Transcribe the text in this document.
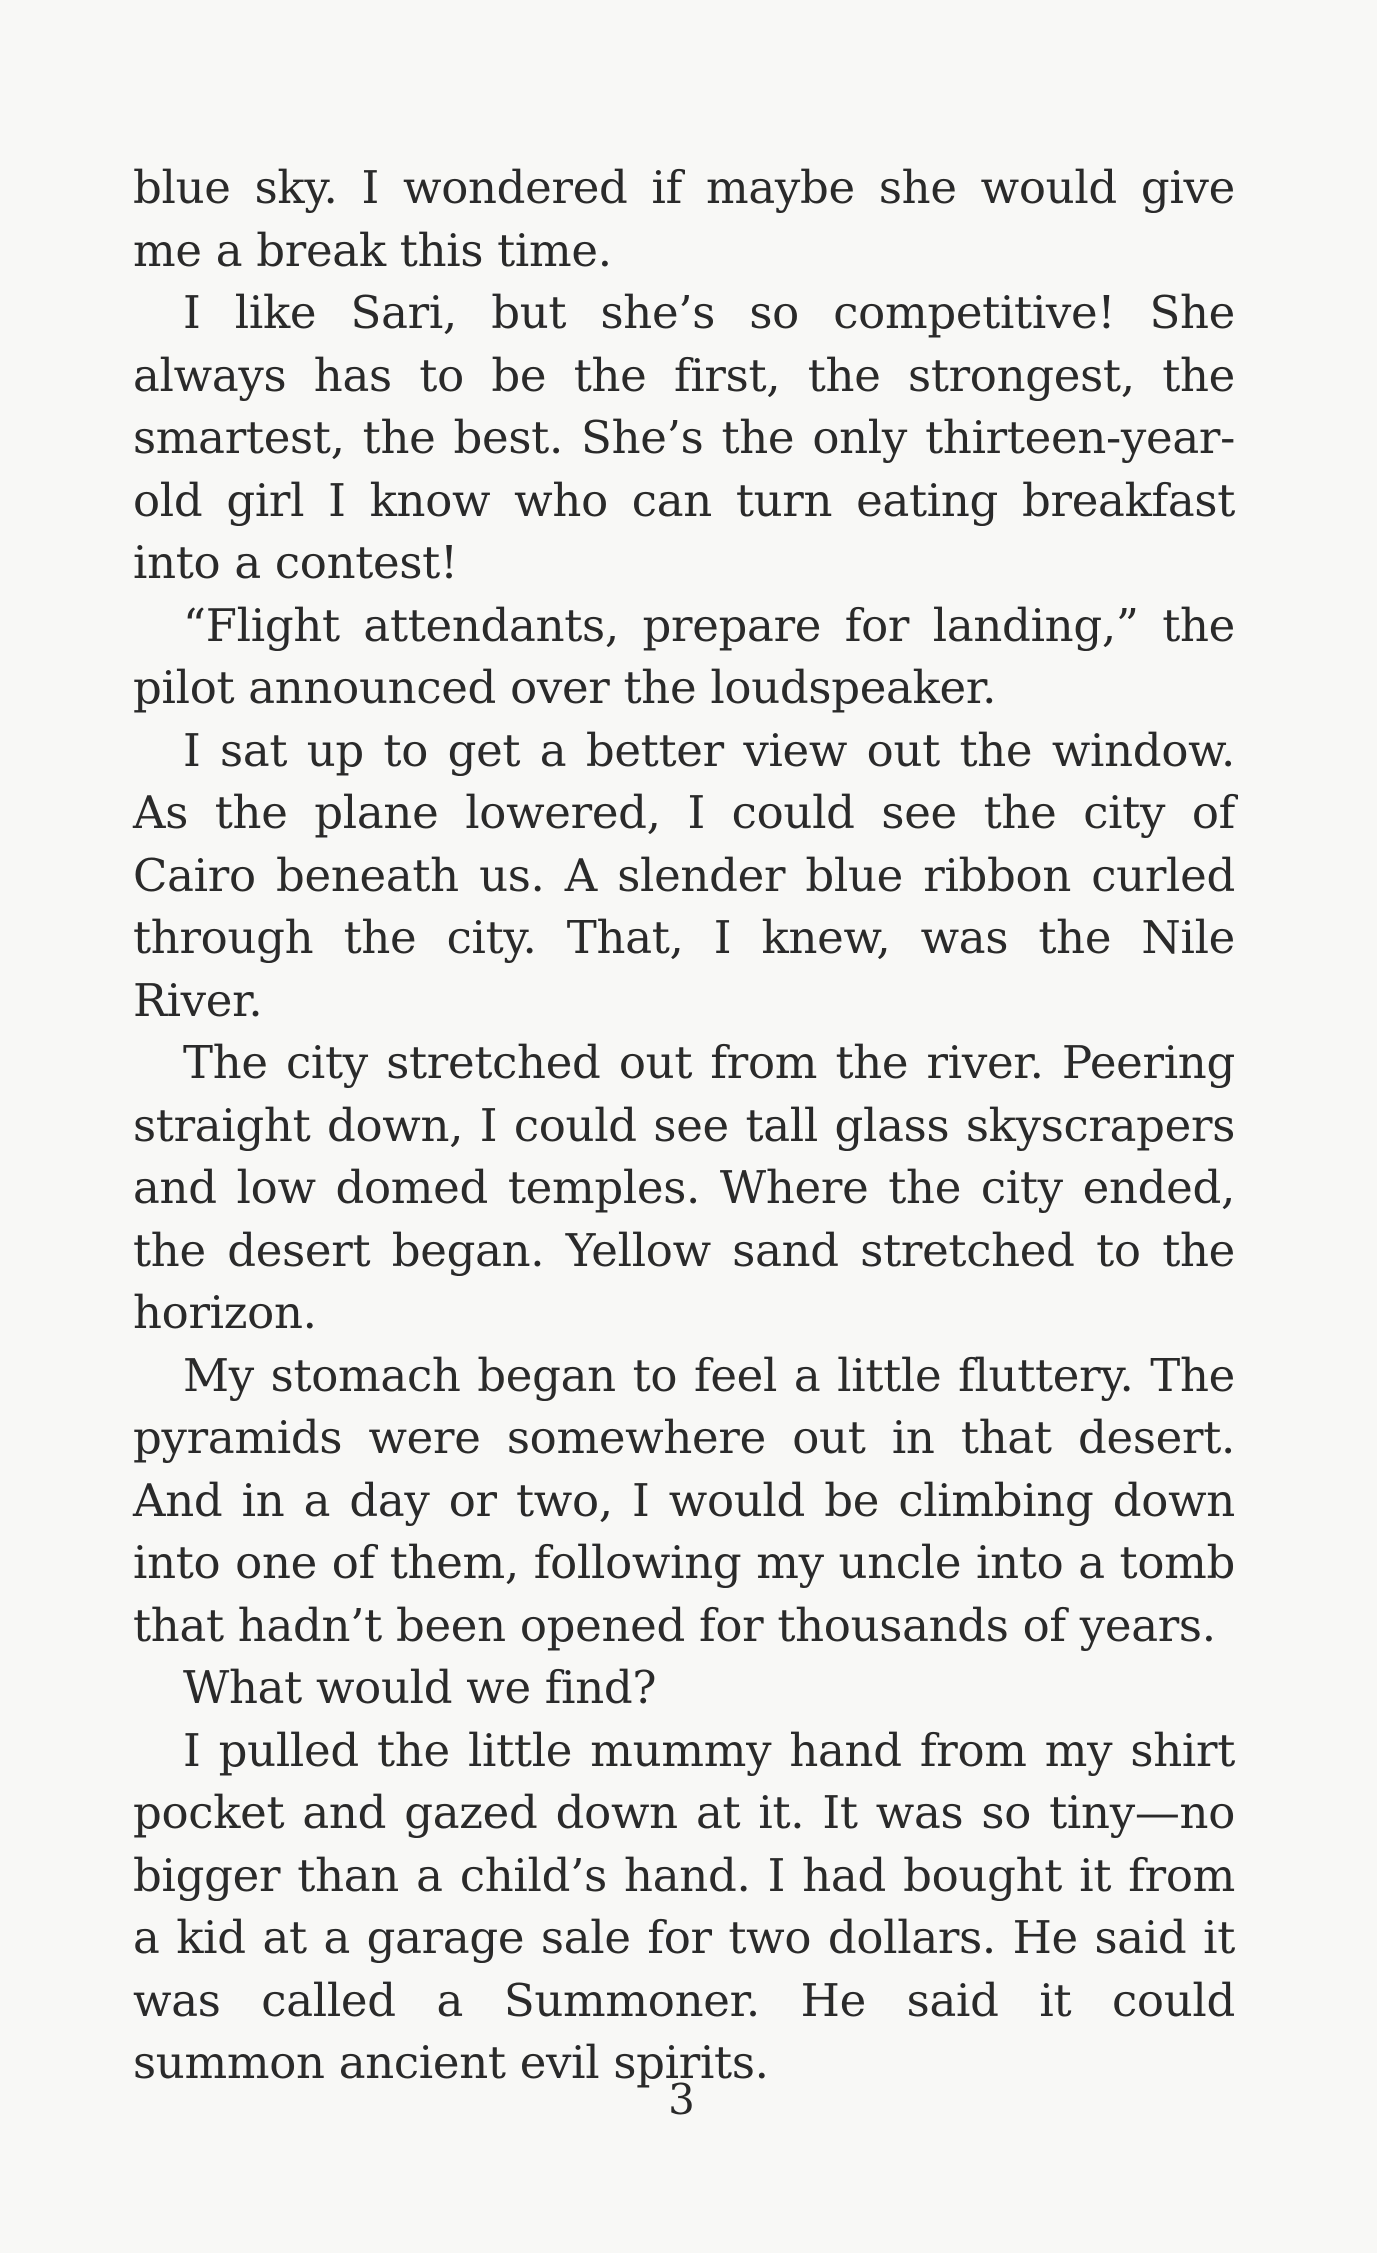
blue sky. I wondered if maybe she would give me a break this time.

I like Sari, but she’s so competitive! She always has to be the first, the strongest, the smartest, the best. She’s the only thirteen-year-old girl I know who can turn eating breakfast into a contest!

“Flight attendants, prepare for landing,” the pilot announced over the loudspeaker.

I sat up to get a better view out the window. As the plane lowered, I could see the city of Cairo beneath us. A slender blue ribbon curled through the city. That, I knew, was the Nile River.

The city stretched out from the river. Peering straight down, I could see tall glass skyscrapers and low domed temples. Where the city ended, the desert began. Yellow sand stretched to the horizon.

My stomach began to feel a little fluttery. The pyramids were somewhere out in that desert. And in a day or two, I would be climbing down into one of them, following my uncle into a tomb that hadn’t been opened for thousands of years.

What would we find?

I pulled the little mummy hand from my shirt pocket and gazed down at it. It was so tiny—no bigger than a child’s hand. I had bought it from a kid at a garage sale for two dollars. He said it was called a Summoner. He said it could summon ancient evil spirits.

3
